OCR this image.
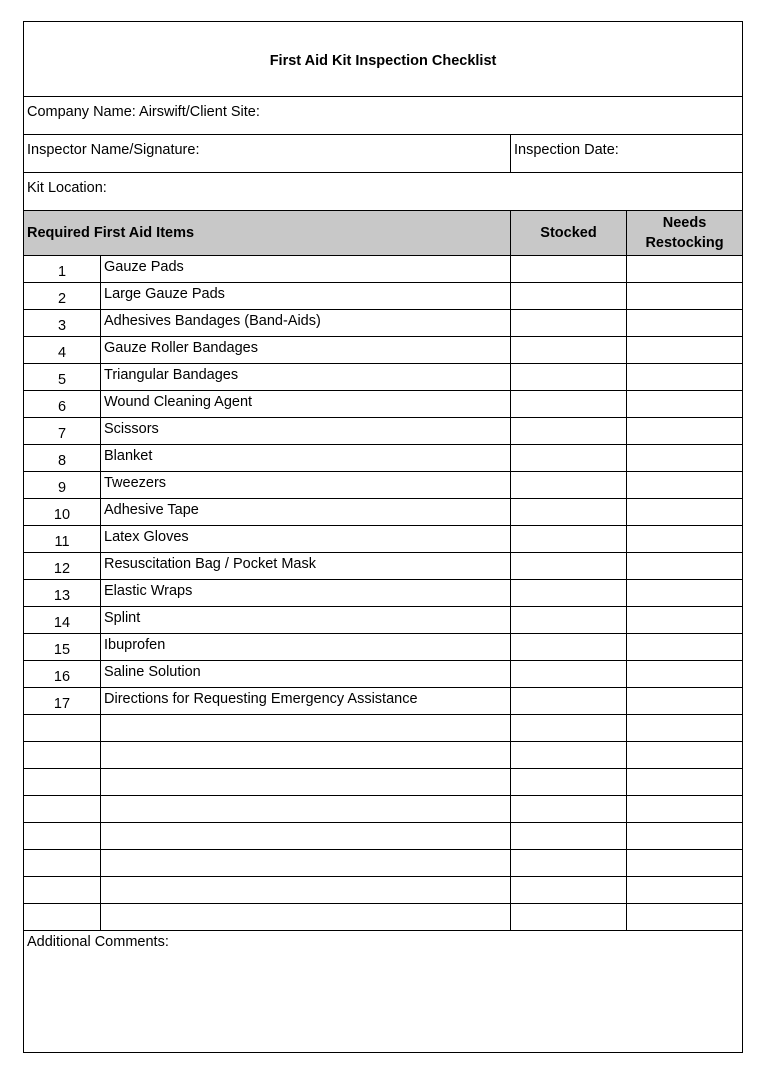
First Aid Kit Inspection Checklist			
Company Name: Airswift/Client Site:			
Inspector Name/Signature:		Inspection Date:	
Kit Location:			
Required First Aid Items		Stocked	Needs
Restocking
1	Gauze Pads		
2	Large Gauze Pads		
3	Adhesives Bandages (Band-Aids)		
4	Gauze Roller Bandages		
5	Triangular Bandages		
6	Wound Cleaning Agent		
7	Scissors		
8	Blanket		
9	Tweezers		
10	Adhesive Tape		
11	Latex Gloves		
12	Resuscitation Bag / Pocket Mask		
13	Elastic Wraps		
14	Splint		
15	Ibuprofen		
16	Saline Solution		
17	Directions for Requesting Emergency Assistance		

Additional Comments:			
